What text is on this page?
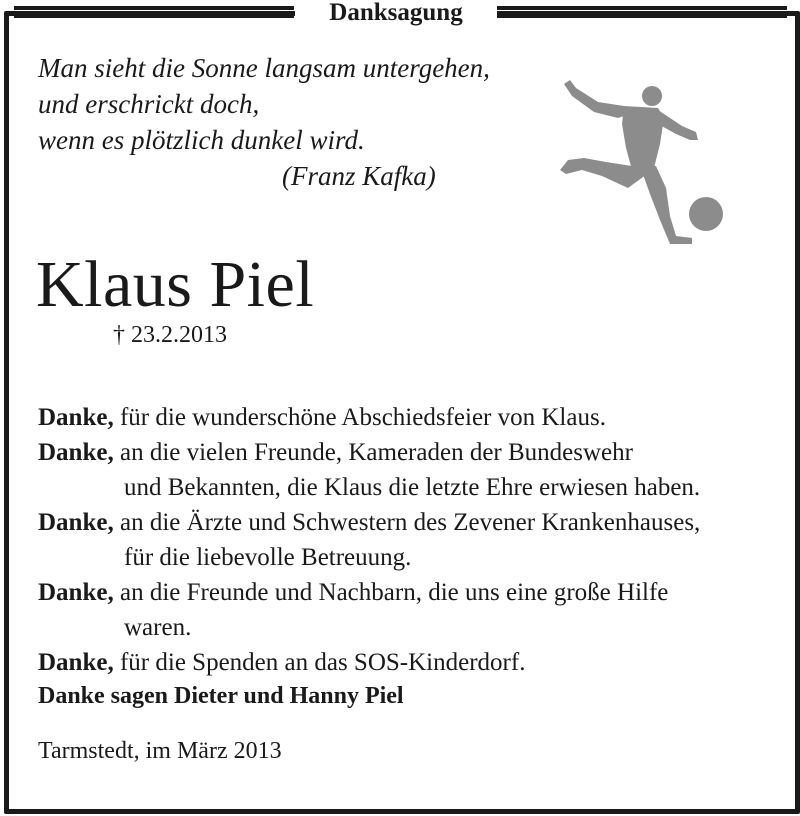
Danksagung
Man sieht die Sonne langsam untergehen,
und erschrickt doch,
wenn es plötzlich dunkel wird.
(Franz Kafka)
Klaus Piel
† 23.2.2013
Danke, für die wunderschöne Abschiedsfeier von Klaus.
Danke, an die vielen Freunde, Kameraden der Bundeswehr
und Bekannten, die Klaus die letzte Ehre erwiesen haben.
Danke, an die Ärzte und Schwestern des Zevener Krankenhauses,
für die liebevolle Betreuung.
Danke, an die Freunde und Nachbarn, die uns eine große Hilfe
waren.
Danke, für die Spenden an das SOS-Kinderdorf.
Danke sagen Dieter und Hanny Piel
Tarmstedt, im März 2013
